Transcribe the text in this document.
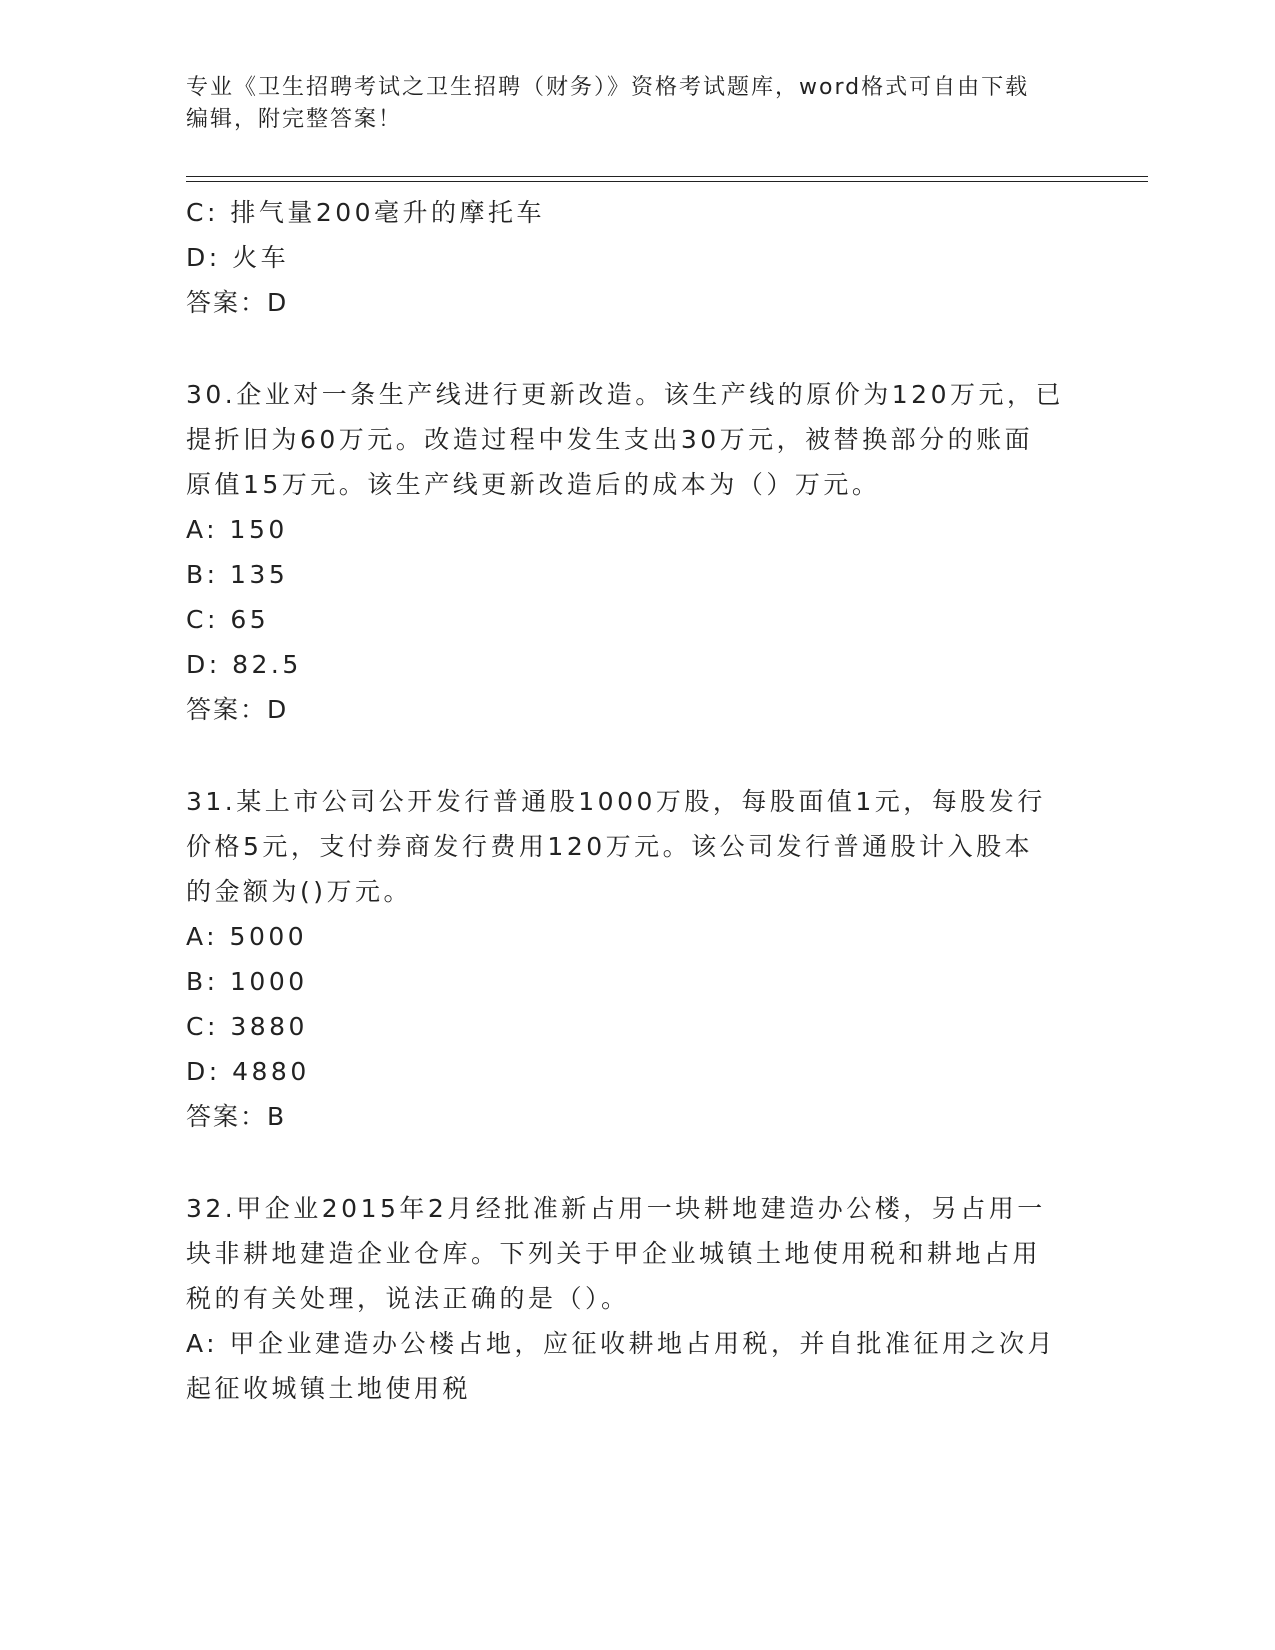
专业《卫生招聘考试之卫生招聘（财务）》资格考试题库，word格式可自由下载
编辑，附完整答案！
C: 排气量200毫升的摩托车
D: 火车
答案：D
30.企业对一条生产线进行更新改造。该生产线的原价为120万元，已
提折旧为60万元。改造过程中发生支出30万元，被替换部分的账面
原值15万元。该生产线更新改造后的成本为（）万元。
A: 150
B: 135
C: 65
D: 82.5
答案：D
31.某上市公司公开发行普通股1000万股，每股面值1元，每股发行
价格5元，支付券商发行费用120万元。该公司发行普通股计入股本
的金额为()万元。
A: 5000
B: 1000
C: 3880
D: 4880
答案：B
32.甲企业2015年2月经批准新占用一块耕地建造办公楼，另占用一
块非耕地建造企业仓库。下列关于甲企业城镇土地使用税和耕地占用
税的有关处理，说法正确的是（）。
A: 甲企业建造办公楼占地，应征收耕地占用税，并自批准征用之次月
起征收城镇土地使用税
